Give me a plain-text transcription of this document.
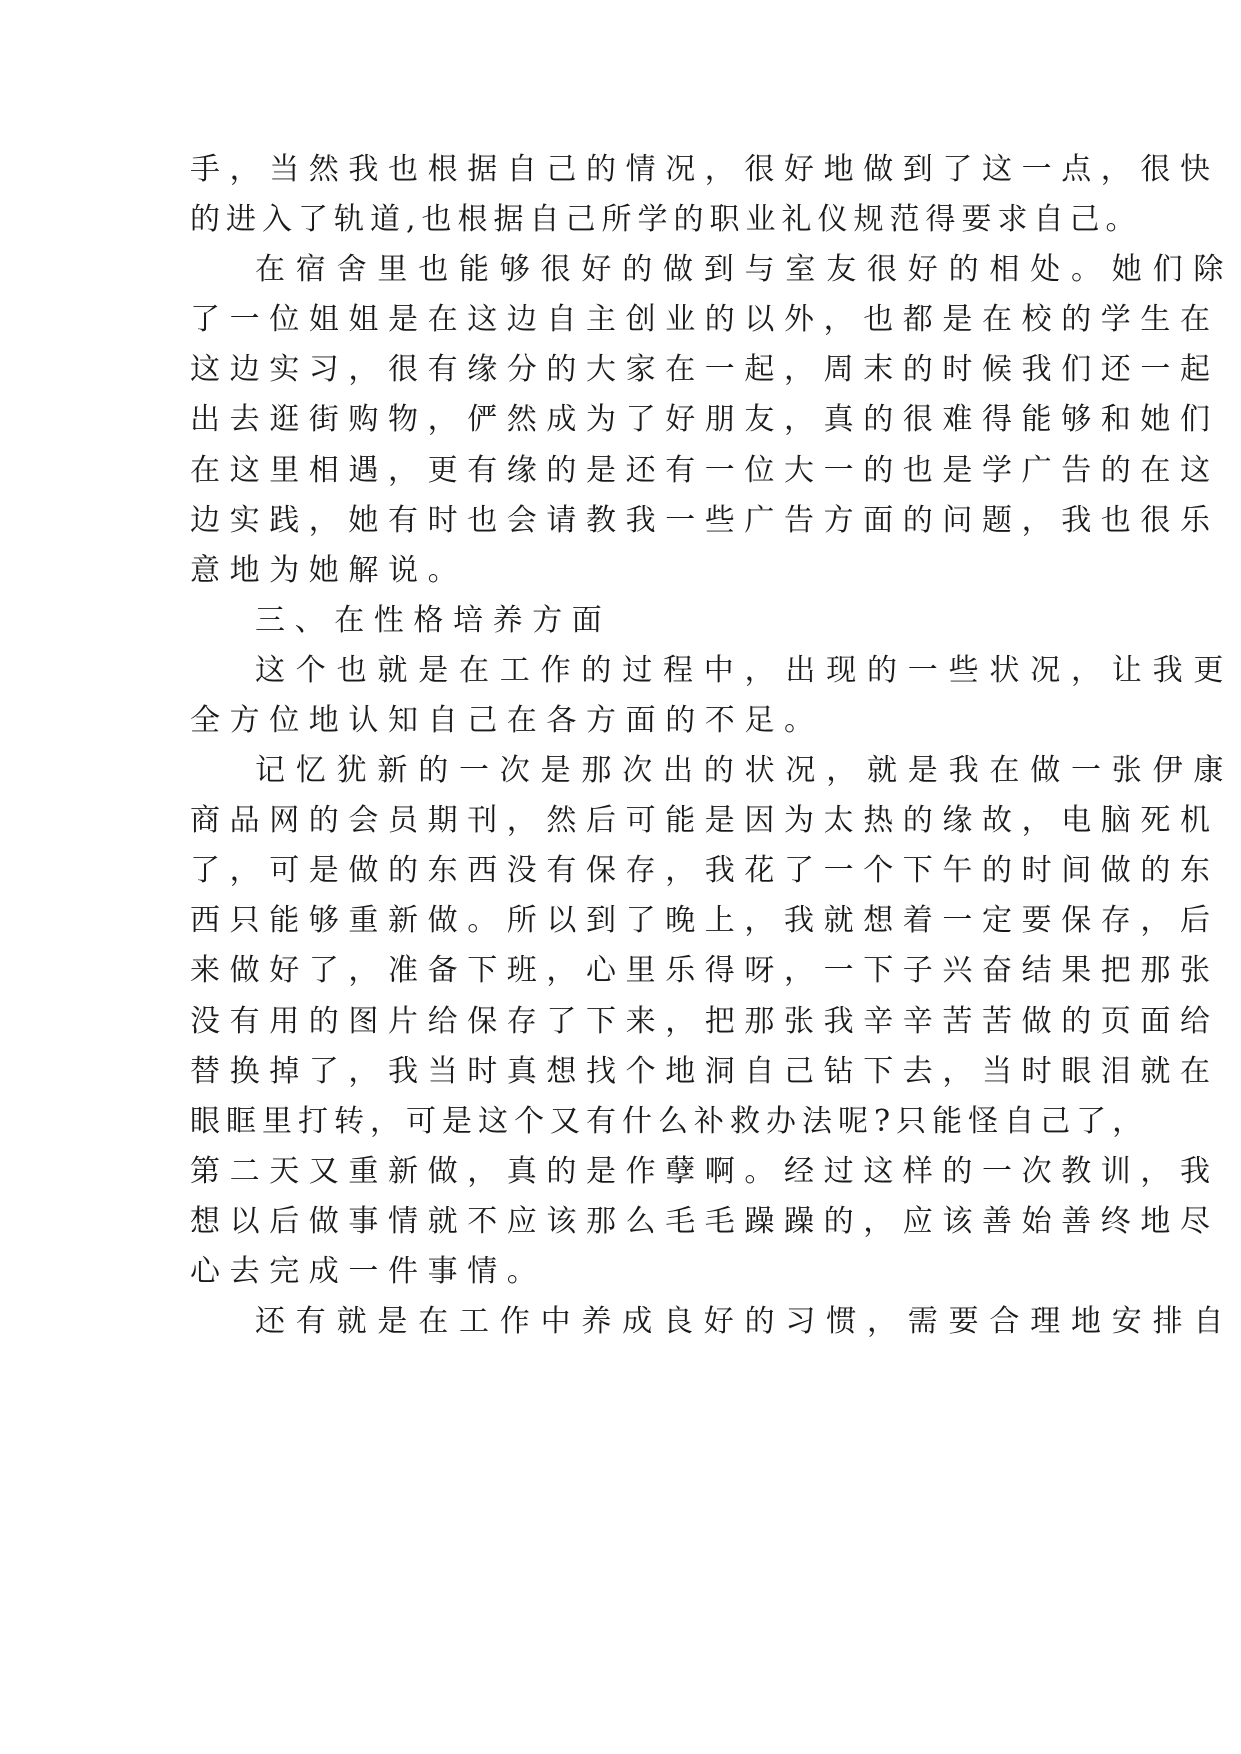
手，当然我也根据自己的情况，很好地做到了这一点，很快
的进入了轨道,也根据自己所学的职业礼仪规范得要求自己。
在宿舍里也能够很好的做到与室友很好的相处。她们除
了一位姐姐是在这边自主创业的以外，也都是在校的学生在
这边实习，很有缘分的大家在一起，周末的时候我们还一起
出去逛街购物，俨然成为了好朋友，真的很难得能够和她们
在这里相遇，更有缘的是还有一位大一的也是学广告的在这
边实践，她有时也会请教我一些广告方面的问题，我也很乐
意地为她解说。
三、在性格培养方面
这个也就是在工作的过程中，出现的一些状况，让我更
全方位地认知自己在各方面的不足。
记忆犹新的一次是那次出的状况，就是我在做一张伊康
商品网的会员期刊，然后可能是因为太热的缘故，电脑死机
了，可是做的东西没有保存，我花了一个下午的时间做的东
西只能够重新做。所以到了晚上，我就想着一定要保存，后
来做好了，准备下班，心里乐得呀，一下子兴奋结果把那张
没有用的图片给保存了下来，把那张我辛辛苦苦做的页面给
替换掉了，我当时真想找个地洞自己钻下去，当时眼泪就在
眼眶里打转，可是这个又有什么补救办法呢?只能怪自己了，
第二天又重新做，真的是作孽啊。经过这样的一次教训，我
想以后做事情就不应该那么毛毛躁躁的，应该善始善终地尽
心去完成一件事情。
还有就是在工作中养成良好的习惯，需要合理地安排自
